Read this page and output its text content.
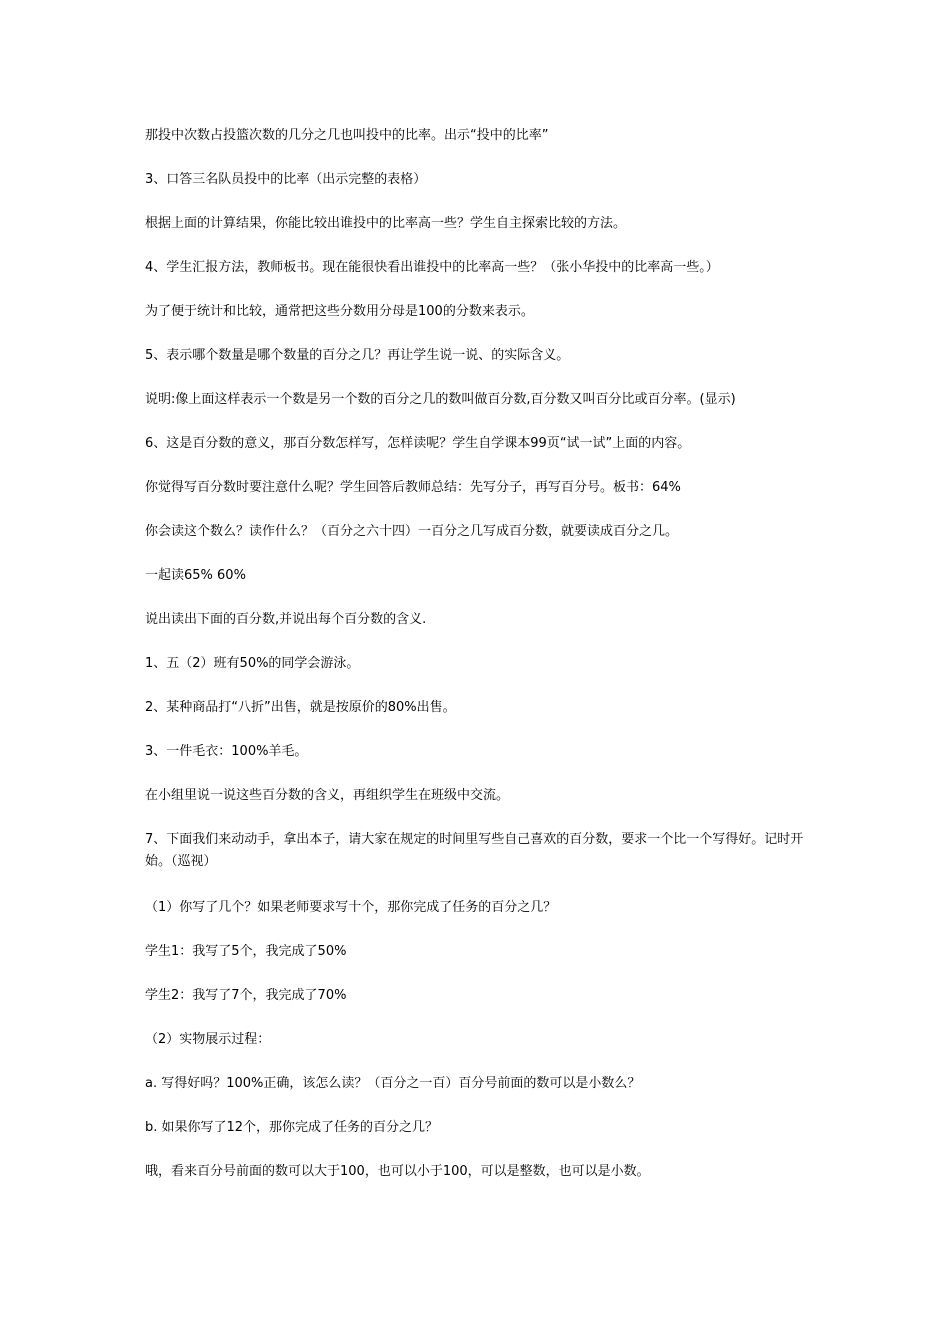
那投中次数占投篮次数的几分之几也叫投中的比率。出示“投中的比率”

3、口答三名队员投中的比率（出示完整的表格）

根据上面的计算结果，你能比较出谁投中的比率高一些？学生自主探索比较的方法。

4、学生汇报方法，教师板书。现在能很快看出谁投中的比率高一些？（张小华投中的比率高一些。）

为了便于统计和比较，通常把这些分数用分母是100的分数来表示。

5、表示哪个数量是哪个数量的百分之几？再让学生说一说、的实际含义。

说明:像上面这样表示一个数是另一个数的百分之几的数叫做百分数,百分数又叫百分比或百分率。(显示)

6、这是百分数的意义，那百分数怎样写，怎样读呢？学生自学课本99页“试一试”上面的内容。

你觉得写百分数时要注意什么呢？学生回答后教师总结：先写分子，再写百分号。板书：64%

你会读这个数么？读作什么？（百分之六十四）一百分之几写成百分数，就要读成百分之几。

一起读65% 60%

说出读出下面的百分数,并说出每个百分数的含义.

1、五（2）班有50%的同学会游泳。

2、某种商品打“八折”出售，就是按原价的80%出售。

3、一件毛衣：100%羊毛。

在小组里说一说这些百分数的含义，再组织学生在班级中交流。

7、下面我们来动动手，拿出本子，请大家在规定的时间里写些自己喜欢的百分数，要求一个比一个写得好。记时开始。（巡视）

（1）你写了几个？如果老师要求写十个，那你完成了任务的百分之几？

学生1：我写了5个，我完成了50%

学生2：我写了7个，我完成了70%

（2）实物展示过程：

a. 写得好吗？100%正确，该怎么读？（百分之一百）百分号前面的数可以是小数么？

b. 如果你写了12个，那你完成了任务的百分之几？

哦，看来百分号前面的数可以大于100，也可以小于100，可以是整数，也可以是小数。
